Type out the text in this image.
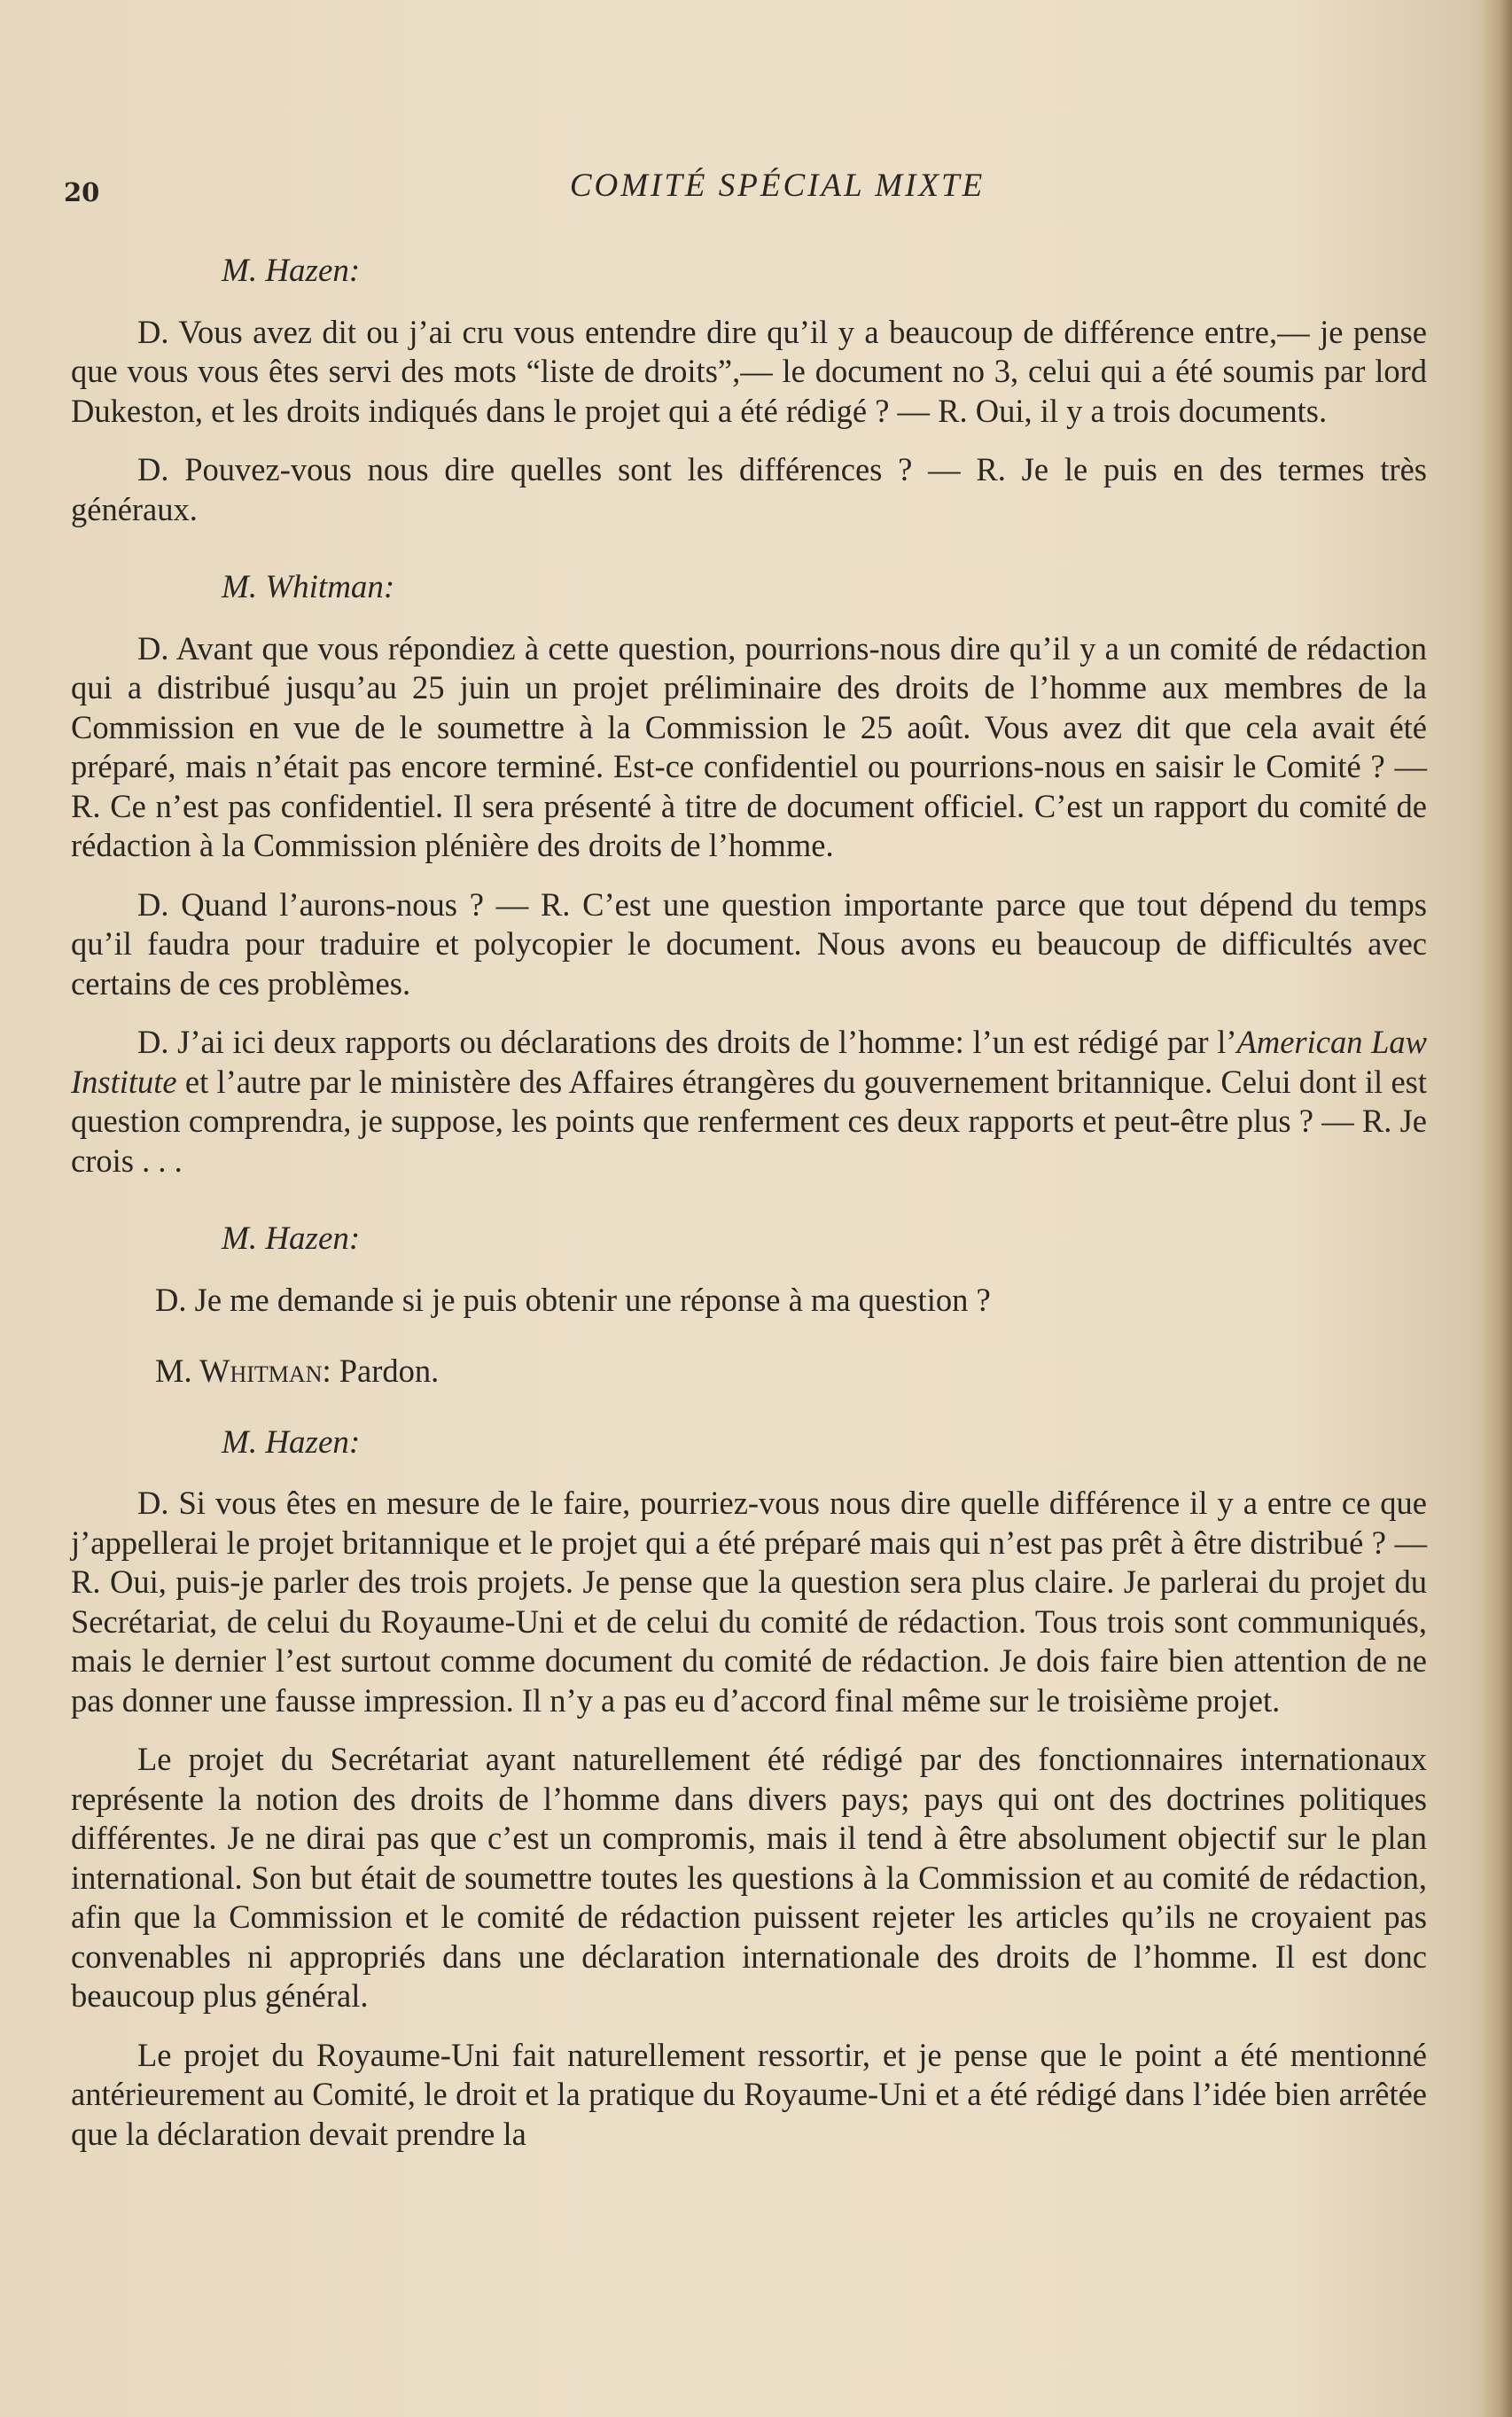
20	COMITÉ SPÉCIAL MIXTE
M. Hazen:

D. Vous avez dit ou j’ai cru vous entendre dire qu’il y a beaucoup de différence entre,— je pense que vous vous êtes servi des mots “liste de droits”,— le document no 3, celui qui a été soumis par lord Dukeston, et les droits indiqués dans le projet qui a été rédigé ? — R. Oui, il y a trois documents.

D. Pouvez-vous nous dire quelles sont les différences ? — R. Je le puis en des termes très généraux.

M. Whitman:

D. Avant que vous répondiez à cette question, pourrions-nous dire qu’il y a un comité de rédaction qui a distribué jusqu’au 25 juin un projet préliminaire des droits de l’homme aux membres de la Commission en vue de le soumettre à la Commission le 25 août. Vous avez dit que cela avait été préparé, mais n’était pas encore terminé. Est-ce confidentiel ou pourrions-nous en saisir le Comité ? — R. Ce n’est pas confidentiel. Il sera présenté à titre de document officiel. C’est un rapport du comité de rédaction à la Commission plénière des droits de l’homme.

D. Quand l’aurons-nous ? — R. C’est une question importante parce que tout dépend du temps qu’il faudra pour traduire et polycopier le document. Nous avons eu beaucoup de difficultés avec certains de ces problèmes.

D. J’ai ici deux rapports ou déclarations des droits de l’homme: l’un est rédigé par l’American Law Institute et l’autre par le ministère des Affaires étrangères du gouvernement britannique. Celui dont il est question comprendra, je suppose, les points que renferment ces deux rapports et peut-être plus ? — R. Je crois . . .

M. Hazen:

D. Je me demande si je puis obtenir une réponse à ma question ?

M. Whitman: Pardon.

M. Hazen:

D. Si vous êtes en mesure de le faire, pourriez-vous nous dire quelle différence il y a entre ce que j’appellerai le projet britannique et le projet qui a été préparé mais qui n’est pas prêt à être distribué ? — R. Oui, puis-je parler des trois projets. Je pense que la question sera plus claire. Je parlerai du projet du Secrétariat, de celui du Royaume-Uni et de celui du comité de rédaction. Tous trois sont communiqués, mais le dernier l’est surtout comme document du comité de rédaction. Je dois faire bien attention de ne pas donner une fausse impression. Il n’y a pas eu d’accord final même sur le troisième projet.

Le projet du Secrétariat ayant naturellement été rédigé par des fonctionnaires internationaux représente la notion des droits de l’homme dans divers pays; pays qui ont des doctrines politiques différentes. Je ne dirai pas que c’est un compromis, mais il tend à être absolument objectif sur le plan international. Son but était de soumettre toutes les questions à la Commission et au comité de rédaction, afin que la Commission et le comité de rédaction puissent rejeter les articles qu’ils ne croyaient pas convenables ni appropriés dans une déclaration internationale des droits de l’homme. Il est donc beaucoup plus général.

Le projet du Royaume-Uni fait naturellement ressortir, et je pense que le point a été mentionné antérieurement au Comité, le droit et la pratique du Royaume-Uni et a été rédigé dans l’idée bien arrêtée que la déclaration devait prendre la
